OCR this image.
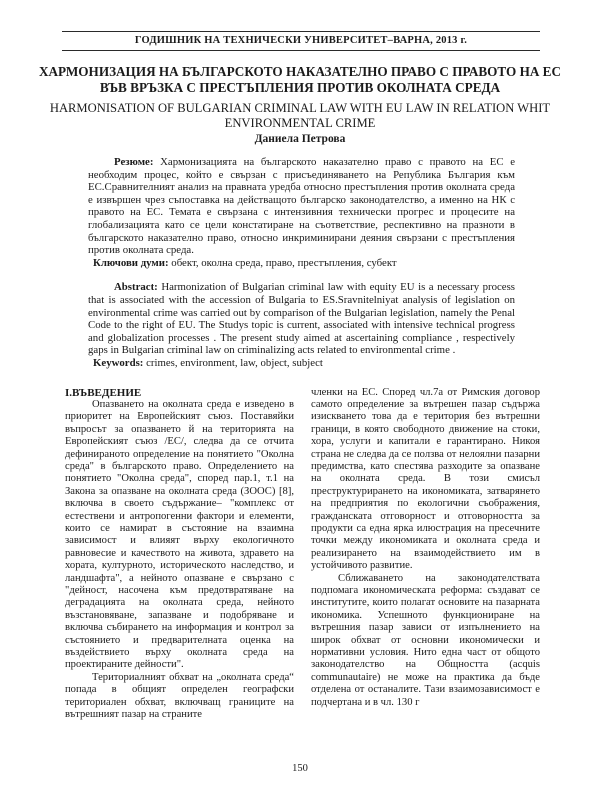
ГОДИШНИК НА ТЕХНИЧЕСКИ УНИВЕРСИТЕТ–ВАРНА, 2013 г.
ХАРМОНИЗАЦИЯ НА БЪЛГАРСКОТО НАКАЗАТЕЛНО ПРАВО С ПРАВОТО НА ЕС ВЪВ ВРЪЗКА С ПРЕСТЪПЛЕНИЯ ПРОТИВ ОКОЛНАТА СРЕДА
HARMONISATION OF BULGARIAN CRIMINAL LAW WITH EU LAW IN RELATION WHIT ENVIRONMENTAL CRIME
Даниела Петрова

Резюме: Хармонизацията на българското наказателно право с правото на ЕС е необходим процес, който е свързан с присъединяването на Република България към ЕС.Сравнителният анализ на правната уредба относно престъпления против околната среда е извършен чрез съпоставка на действащото българско законодателство, а именно на НК с правото на ЕС. Темата е свързана с интензивния технически прогрес и процесите на глобализацията като се цели констатиране на съответствие, респективно на празноти в българското наказателно право, относно инкриминирани деяния свързани с престъпления против околната среда.

Ключови думи: обект, околна среда, право, престъпления, субект

Abstract: Harmonization of Bulgarian criminal law with equity EU is a necessary process that is associated with the accession of Bulgaria to ES.Sravnitelniyat analysis of legislation on environmental crime was carried out by comparison of the Bulgarian legislation, namely the Penal Code to the right of EU. The Studys topic is current, associated with intensive technical progress and globalization processes . The present study aimed at ascertaining compliance , respectively gaps in Bulgarian criminal law on criminalizing acts related to environmental crime .

Keywords: crimes, environment, law, object, subject

I.ВЪВЕДЕНИЕ

Опазването на околната среда е изведено в приоритет на Европейският съюз. Поставяйки въпросът за опазването й на територията на Европейският съюз /ЕС/, следва да се отчита дефинираното определение на понятието "Околна среда" в българското право. Определението на понятието "Околна среда", според пар.1, т.1 на Закона за опазване на околната среда (ЗООС) [8], включва в своето съдържание– "комплекс от естествени и антропогенни фактори и елементи, които се намират в състояние на взаимна зависимост и влияят върху екологичното равновесие и качеството на живота, здравето на хората, културното, историческото наследство, и ландшафта", а нейното опазване е свързано с "дейност, насочена към предотвратяване на деградацията на околната среда, нейното възстановяване, запазване и подобряване и включва събирането на информация и контрол за състоянието и предварителната оценка на въздействието върху околната среда на проектираните дейности".

Териториалният обхват на „околната среда“ попада в общият определен географски териториален обхват, включващ границите на вътрешният пазар на страните

членки на ЕС. Според чл.7а от Римския договор самото определение за вътрешен пазар съдържа изискването това да е територия без вътрешни граници, в която свободното движение на стоки, хора, услуги и капитали е гарантирано. Никоя страна не следва да се ползва от нелоялни пазарни предимства, като спестява разходите за опазване на околната среда. В този смисъл преструктурирането на икономиката, затварянето на предприятия по екологични съображения, гражданската отговорност и отговорността за продукти са една ярка илюстрация на пресечните точки между икономиката и околната среда и реализирането на взаимодействието им в устойчивото развитие.

Сближаването на законодателствата подпомага икономическата реформа: създават се институтите, които полагат основите на пазарната икономика. Успешното функциониране на вътрешния пазар зависи от изпълнението на широк обхват от основни икономически и нормативни условия. Нито една част от общото законодателство на Общността (acquis communautaire) не може на практика да бъде отделена от останалите. Тази взаимозависимост е подчертана и в чл. 130 г

150
